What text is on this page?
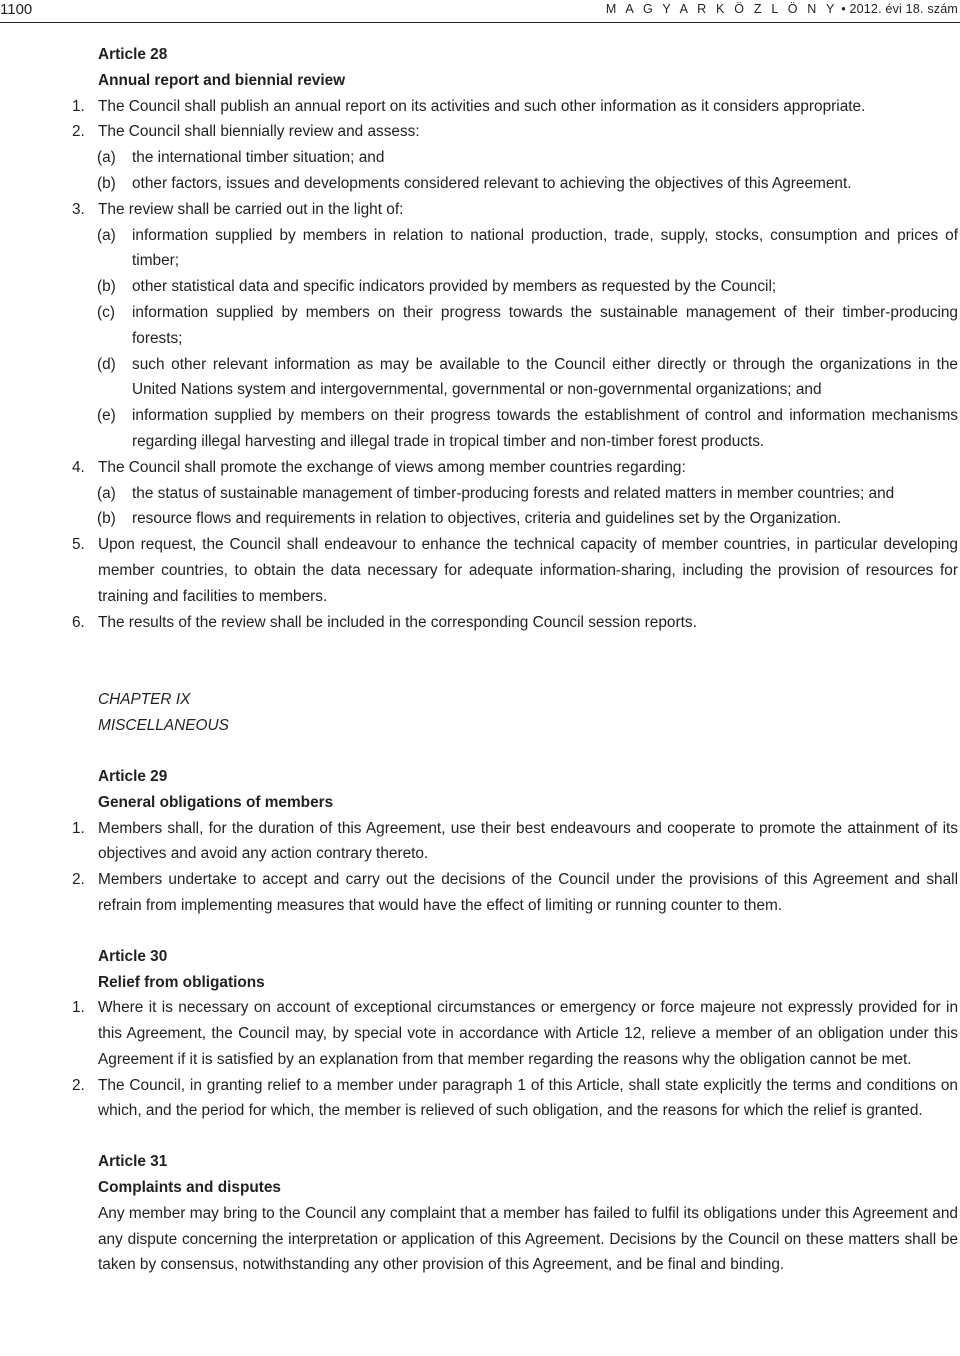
1100	M A G Y A R K Ö Z L Ö N Y • 2012. évi 18. szám
Article 28
Annual report and biennial review
1. The Council shall publish an annual report on its activities and such other information as it considers appropriate.
2. The Council shall biennially review and assess:
(a) the international timber situation; and
(b) other factors, issues and developments considered relevant to achieving the objectives of this Agreement.
3. The review shall be carried out in the light of:
(a) information supplied by members in relation to national production, trade, supply, stocks, consumption and prices of timber;
(b) other statistical data and specific indicators provided by members as requested by the Council;
(c) information supplied by members on their progress towards the sustainable management of their timber-producing forests;
(d) such other relevant information as may be available to the Council either directly or through the organizations in the United Nations system and intergovernmental, governmental or non-governmental organizations; and
(e) information supplied by members on their progress towards the establishment of control and information mechanisms regarding illegal harvesting and illegal trade in tropical timber and non-timber forest products.
4. The Council shall promote the exchange of views among member countries regarding:
(a) the status of sustainable management of timber-producing forests and related matters in member countries; and
(b) resource flows and requirements in relation to objectives, criteria and guidelines set by the Organization.
5. Upon request, the Council shall endeavour to enhance the technical capacity of member countries, in particular developing member countries, to obtain the data necessary for adequate information-sharing, including the provision of resources for training and facilities to members.
6. The results of the review shall be included in the corresponding Council session reports.
CHAPTER IX
MISCELLANEOUS
Article 29
General obligations of members
1. Members shall, for the duration of this Agreement, use their best endeavours and cooperate to promote the attainment of its objectives and avoid any action contrary thereto.
2. Members undertake to accept and carry out the decisions of the Council under the provisions of this Agreement and shall refrain from implementing measures that would have the effect of limiting or running counter to them.
Article 30
Relief from obligations
1. Where it is necessary on account of exceptional circumstances or emergency or force majeure not expressly provided for in this Agreement, the Council may, by special vote in accordance with Article 12, relieve a member of an obligation under this Agreement if it is satisfied by an explanation from that member regarding the reasons why the obligation cannot be met.
2. The Council, in granting relief to a member under paragraph 1 of this Article, shall state explicitly the terms and conditions on which, and the period for which, the member is relieved of such obligation, and the reasons for which the relief is granted.
Article 31
Complaints and disputes
Any member may bring to the Council any complaint that a member has failed to fulfil its obligations under this Agreement and any dispute concerning the interpretation or application of this Agreement. Decisions by the Council on these matters shall be taken by consensus, notwithstanding any other provision of this Agreement, and be final and binding.
